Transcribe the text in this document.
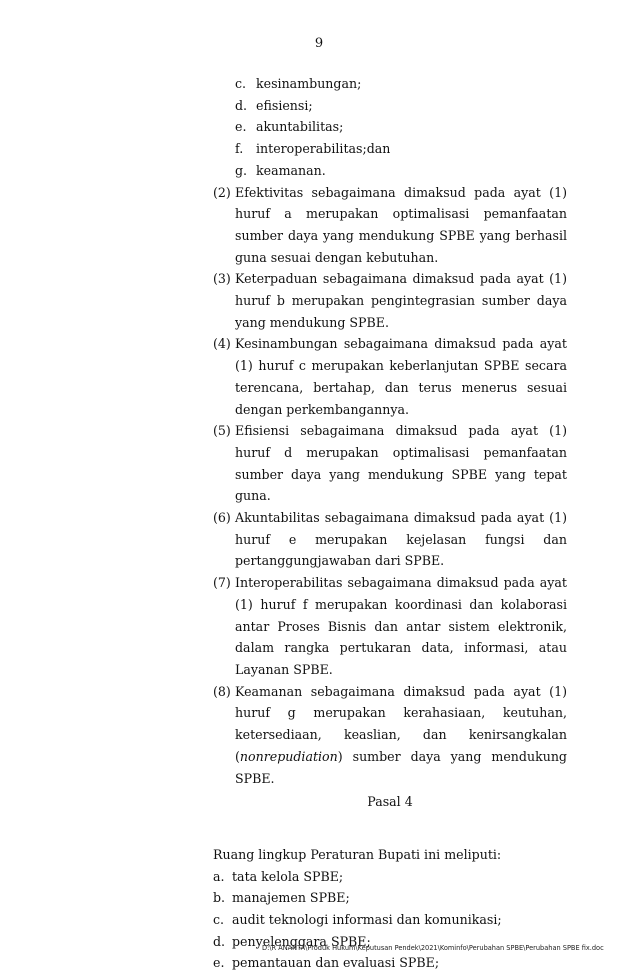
9
c. kesinambungan;
d. efisiensi;
e. akuntabilitas;
f.	interoperabilitas;dan
g. keamanan.
(2) Efektivitas sebagaimana dimaksud pada ayat (1) huruf a merupakan optimalisasi pemanfaatan sumber daya yang mendukung SPBE yang berhasil guna sesuai dengan kebutuhan.
(3) Keterpaduan sebagaimana dimaksud pada ayat (1) huruf b merupakan pengintegrasian sumber daya yang mendukung SPBE.
(4) Kesinambungan sebagaimana dimaksud pada ayat (1) huruf c merupakan keberlanjutan SPBE secara terencana, bertahap, dan terus menerus sesuai dengan perkembangannya.
(5) Efisiensi sebagaimana dimaksud pada ayat (1) huruf d merupakan optimalisasi pemanfaatan sumber daya yang mendukung SPBE yang tepat guna.
(6) Akuntabilitas sebagaimana dimaksud pada ayat (1) huruf e merupakan kejelasan fungsi dan pertanggungjawaban dari SPBE.
(7) Interoperabilitas sebagaimana dimaksud pada ayat (1) huruf f merupakan koordinasi dan kolaborasi antar Proses Bisnis dan antar sistem elektronik, dalam rangka pertukaran data, informasi, atau Layanan SPBE.
(8) Keamanan sebagaimana dimaksud pada ayat (1) huruf g merupakan kerahasiaan, keutuhan, ketersediaan, keaslian, dan kenirsangkalan (nonrepudiation) sumber daya yang mendukung SPBE.
Pasal 4
Ruang lingkup Peraturan Bupati ini meliputi:
a. tata kelola SPBE;
b. manajemen SPBE;
c. audit teknologi informasi dan komunikasi;
d. penyelenggara SPBE;
e. pemantauan dan evaluasi SPBE;
D:\R ANANTA\Produk Hukum\Keputusan Pendek\2021\Kominfo\Perubahan SPBE\Perubahan SPBE fix.doc
